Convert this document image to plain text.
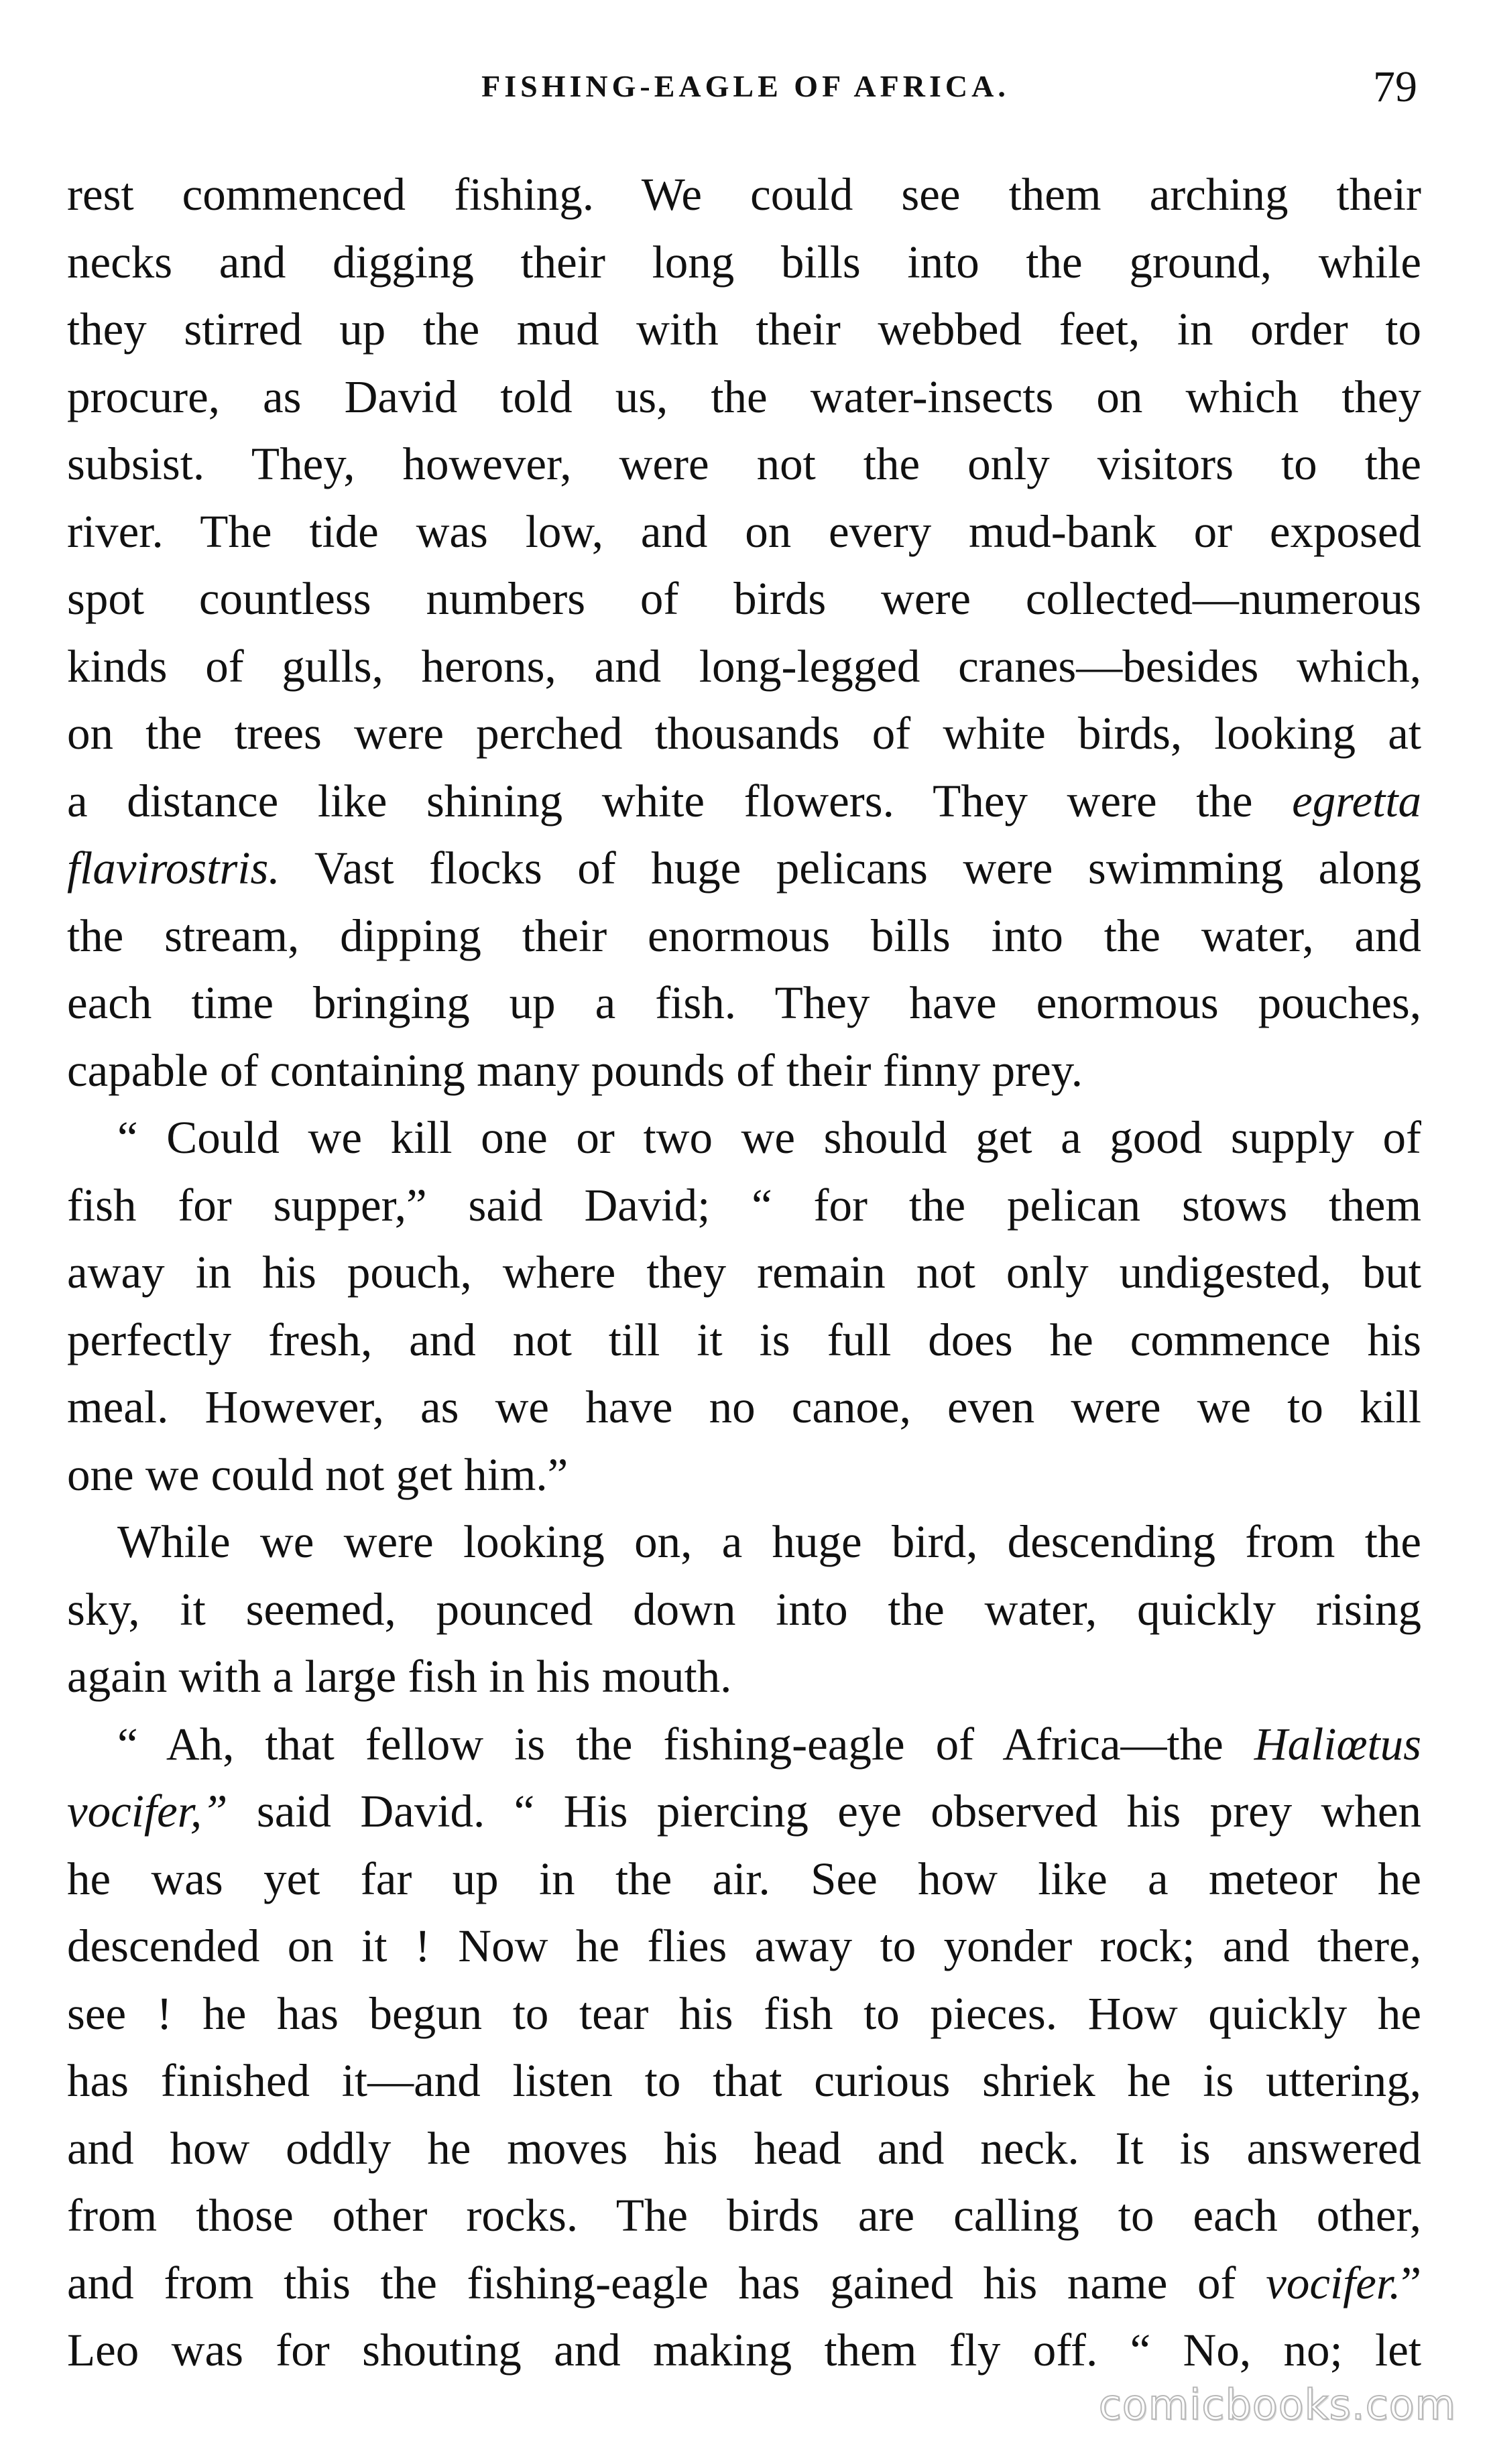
FISHING-EAGLE OF AFRICA.	79
rest commenced fishing. We could see them arching their
necks and digging their long bills into the ground, while
they stirred up the mud with their webbed feet, in order to
procure, as David told us, the water-insects on which they
subsist. They, however, were not the only visitors to the
river. The tide was low, and on every mud-bank or exposed
spot countless numbers of birds were collected—numerous
kinds of gulls, herons, and long-legged cranes—besides which,
on the trees were perched thousands of white birds, looking at
a distance like shining white flowers. They were the egretta
flavirostris. Vast flocks of huge pelicans were swimming along
the stream, dipping their enormous bills into the water, and
each time bringing up a fish. They have enormous pouches,
capable of containing many pounds of their finny prey.
“ Could we kill one or two we should get a good supply of
fish for supper,” said David; “ for the pelican stows them
away in his pouch, where they remain not only undigested, but
perfectly fresh, and not till it is full does he commence his
meal. However, as we have no canoe, even were we to kill
one we could not get him.”
While we were looking on, a huge bird, descending from the
sky, it seemed, pounced down into the water, quickly rising
again with a large fish in his mouth.
“ Ah, that fellow is the fishing-eagle of Africa—the Haliœtus
vocifer,” said David. “ His piercing eye observed his prey when
he was yet far up in the air. See how like a meteor he
descended on it ! Now he flies away to yonder rock; and there,
see ! he has begun to tear his fish to pieces. How quickly he
has finished it—and listen to that curious shriek he is uttering,
and how oddly he moves his head and neck. It is answered
from those other rocks. The birds are calling to each other,
and from this the fishing-eagle has gained his name of vocifer.”
Leo was for shouting and making them fly off. “ No, no; let
comicbooks.com
